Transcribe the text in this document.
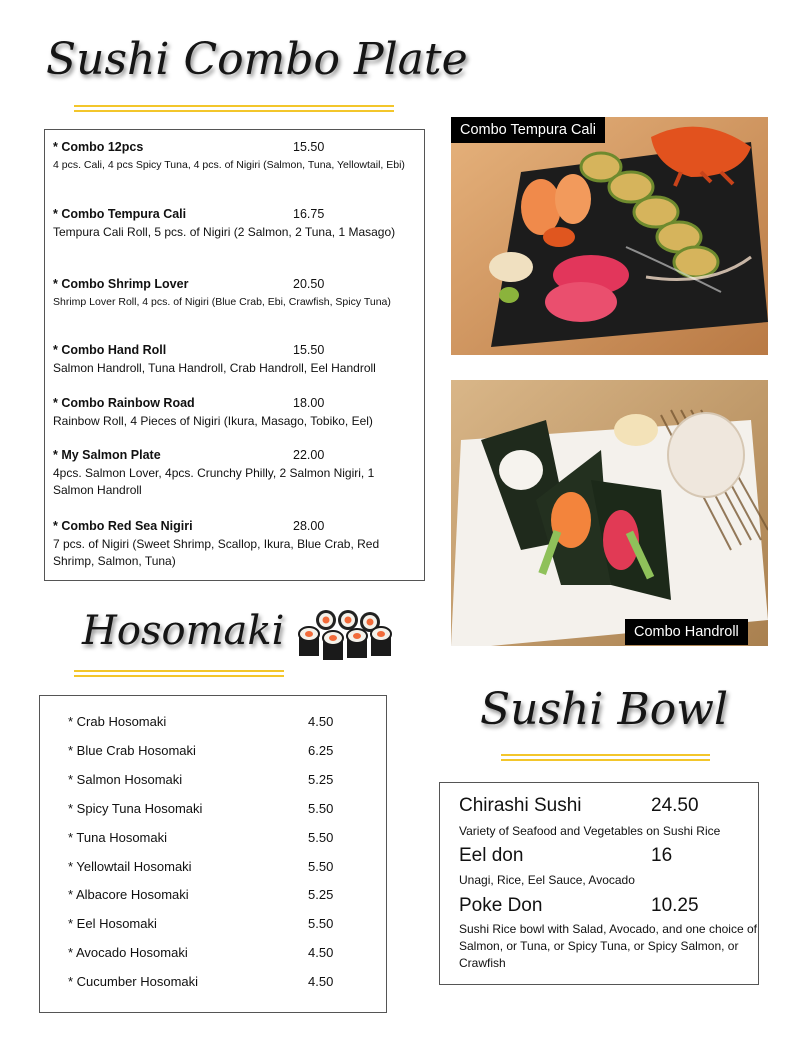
Sushi Combo Plate
* Combo 12pcs	15.50
4 pcs. Cali, 4 pcs Spicy Tuna, 4 pcs. of Nigiri (Salmon, Tuna, Yellowtail, Ebi)
* Combo Tempura Cali	16.75
Tempura Cali Roll, 5 pcs. of Nigiri (2 Salmon, 2 Tuna, 1 Masago)
* Combo Shrimp Lover	20.50
Shrimp Lover Roll, 4 pcs. of Nigiri (Blue Crab, Ebi, Crawfish, Spicy Tuna)
* Combo Hand Roll	15.50
Salmon Handroll, Tuna Handroll, Crab Handroll, Eel Handroll
* Combo Rainbow Road	18.00
Rainbow Roll, 4 Pieces of Nigiri (Ikura, Masago, Tobiko, Eel)
* My Salmon Plate	22.00
4pcs. Salmon Lover, 4pcs. Crunchy Philly, 2 Salmon Nigiri, 1 Salmon Handroll
* Combo Red Sea Nigiri	28.00
7 pcs. of Nigiri (Sweet Shrimp, Scallop, Ikura, Blue Crab, Red Shrimp, Salmon, Tuna)
Combo Tempura Cali
Combo Handroll
Hosomaki
* Crab Hosomaki	4.50
* Blue Crab Hosomaki	6.25
* Salmon Hosomaki	5.25
* Spicy Tuna Hosomaki	5.50
* Tuna Hosomaki	5.50
* Yellowtail Hosomaki	5.50
* Albacore Hosomaki	5.25
* Eel Hosomaki	5.50
* Avocado Hosomaki	4.50
* Cucumber Hosomaki	4.50
Sushi Bowl
Chirashi Sushi	24.50
Variety of Seafood and Vegetables on Sushi Rice
Eel don	16
Unagi, Rice, Eel Sauce, Avocado
Poke Don	10.25
Sushi Rice bowl with Salad, Avocado, and one choice of Salmon, or Tuna, or Spicy Tuna, or Spicy Salmon, or Crawfish
